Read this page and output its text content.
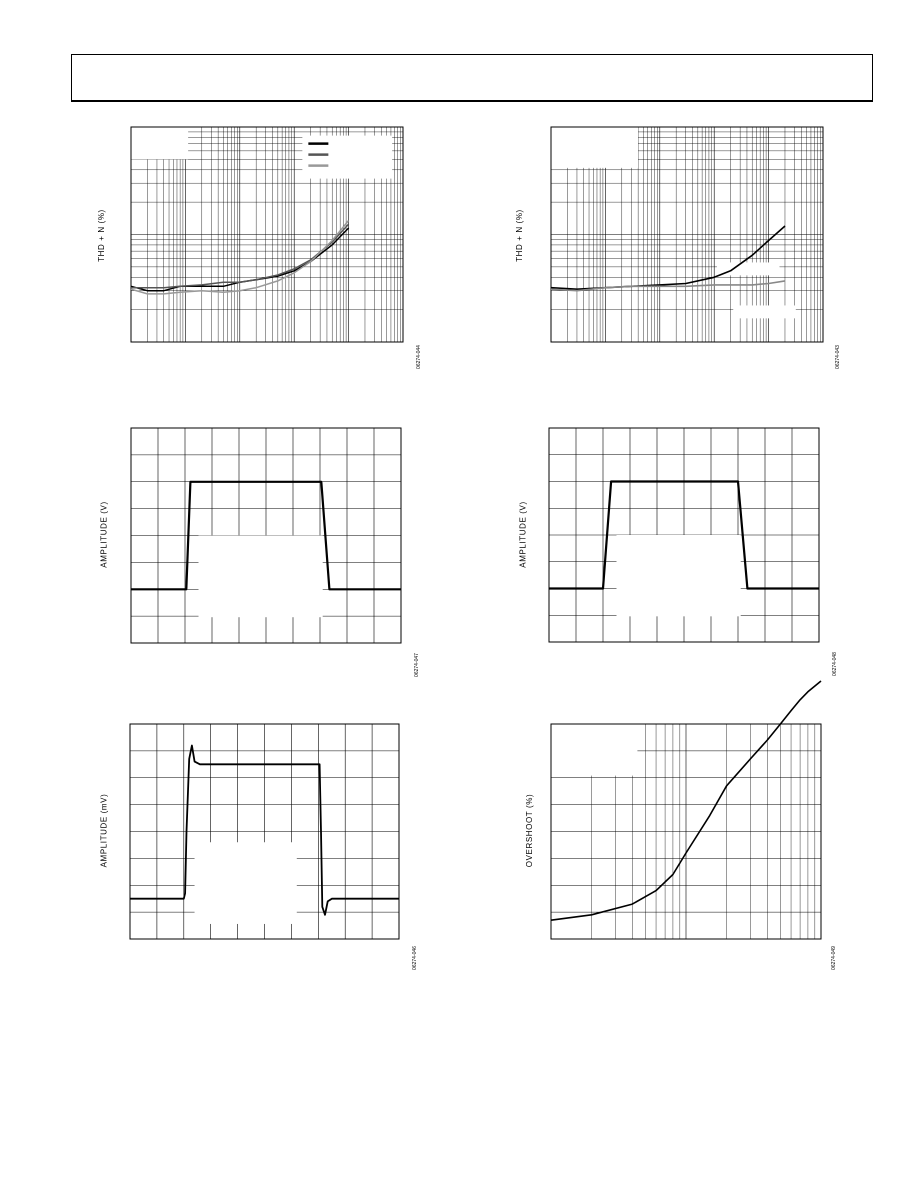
THD + N (%)
06274-044
THD + N (%)
06274-043
AMPLITUDE (V)
06274-047
AMPLITUDE (V)
06274-048
AMPLITUDE (mV)
06274-046
OVERSHOOT (%)
06274-049
